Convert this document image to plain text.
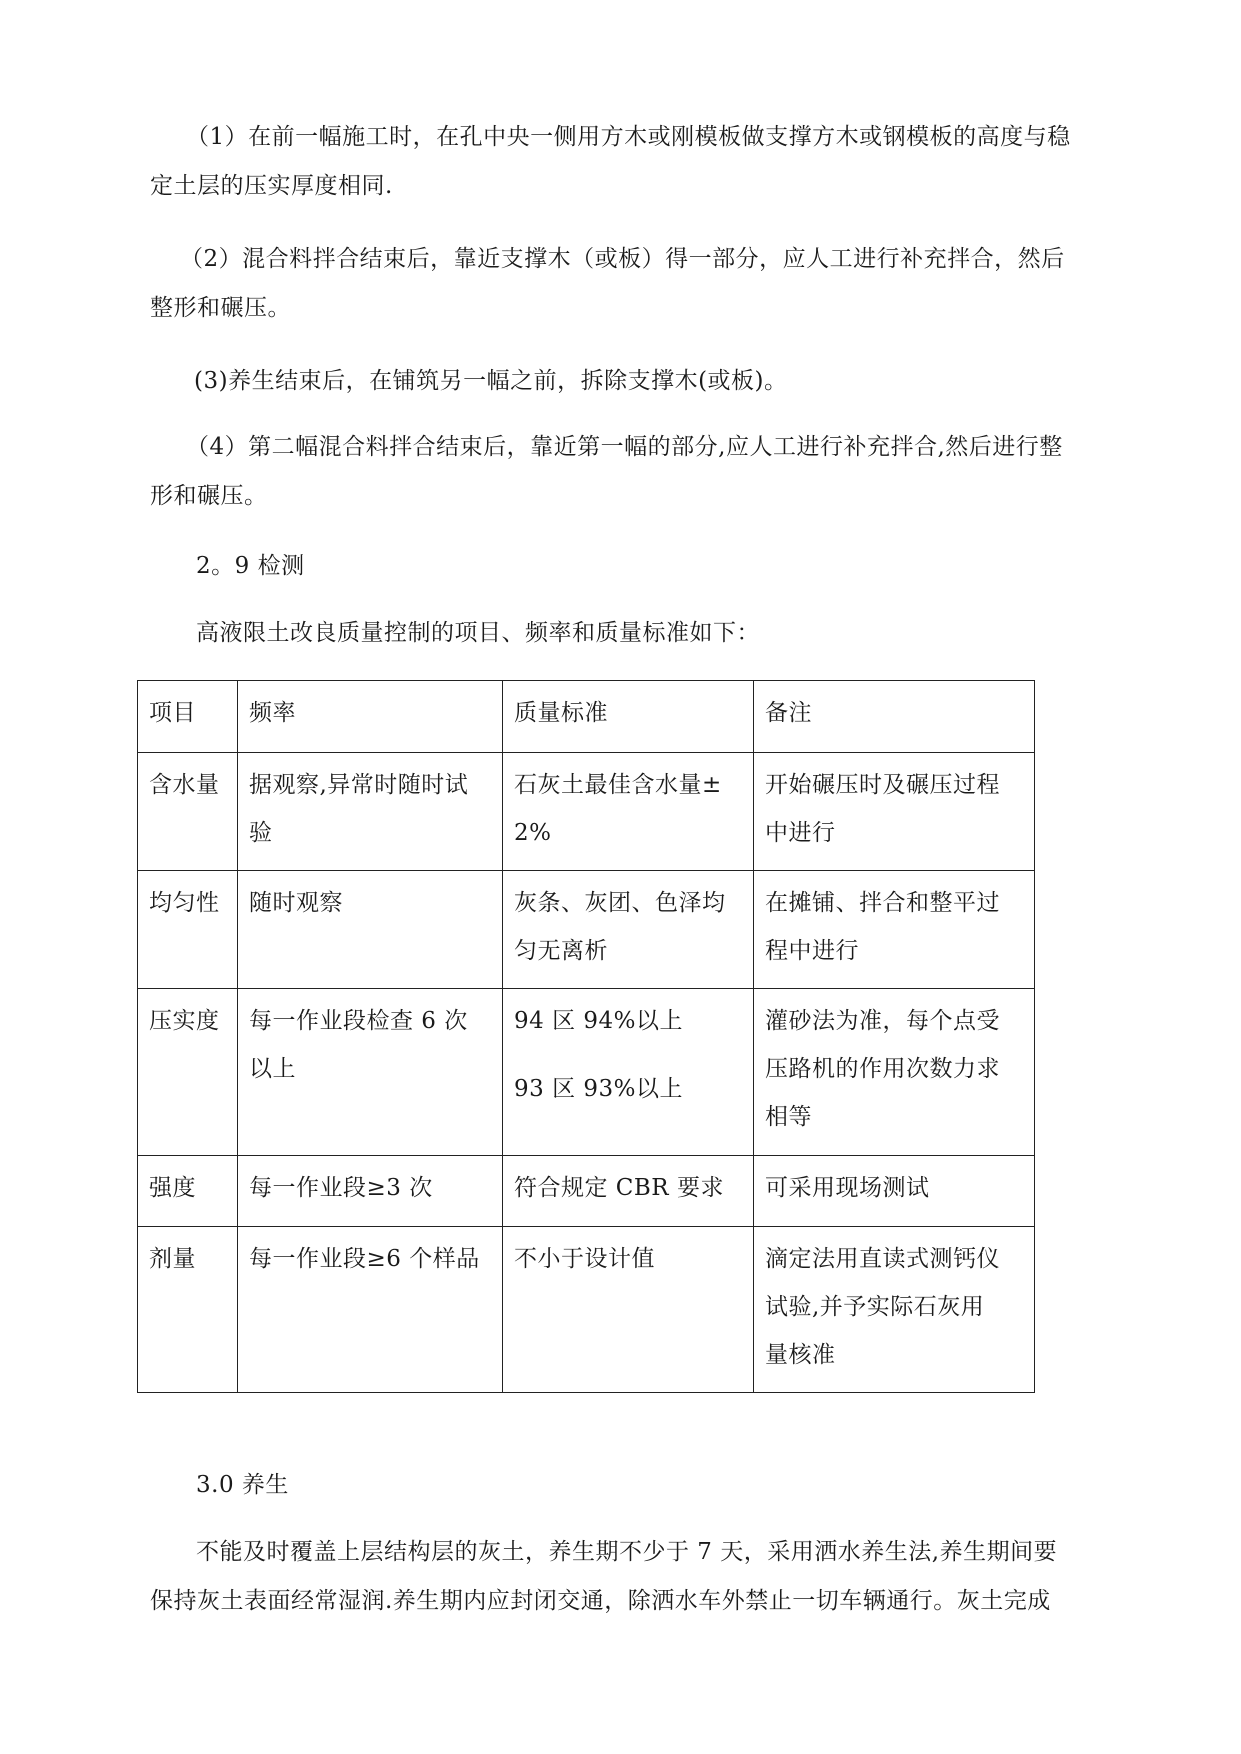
（1）在前一幅施工时，在孔中央一侧用方木或刚模板做支撑方木或钢模板的高度与稳
定土层的压实厚度相同.
（2）混合料拌合结束后，靠近支撑木（或板）得一部分，应人工进行补充拌合，然后
整形和碾压。
(3)养生结束后，在铺筑另一幅之前，拆除支撑木(或板)。
（4）第二幅混合料拌合结束后，靠近第一幅的部分,应人工进行补充拌合,然后进行整
形和碾压。

2。9 检测

高液限土改良质量控制的项目、频率和质量标准如下：

项目	频率	质量标准	备注
含水量	据观察,异常时随时试
验	石灰土最佳含水量±
2%	开始碾压时及碾压过程
中进行

均匀性	随时观察	灰条、灰团、色泽均
匀无离析	在摊铺、拌合和整平过
程中进行

压实度	每一作业段检查 6 次
以上	94 区 94%以上
93 区 93%以上	灌砂法为准，每个点受
压路机的作用次数力求
相等

强度	每一作业段≥3 次	符合规定 CBR 要求	可采用现场测试

剂量	每一作业段≥6 个样品	不小于设计值	滴定法用直读式测钙仪
试验,并予实际石灰用
量核准

3.0 养生

不能及时覆盖上层结构层的灰土，养生期不少于 7 天，采用洒水养生法,养生期间要
保持灰土表面经常湿润.养生期内应封闭交通，除洒水车外禁止一切车辆通行。灰土完成
